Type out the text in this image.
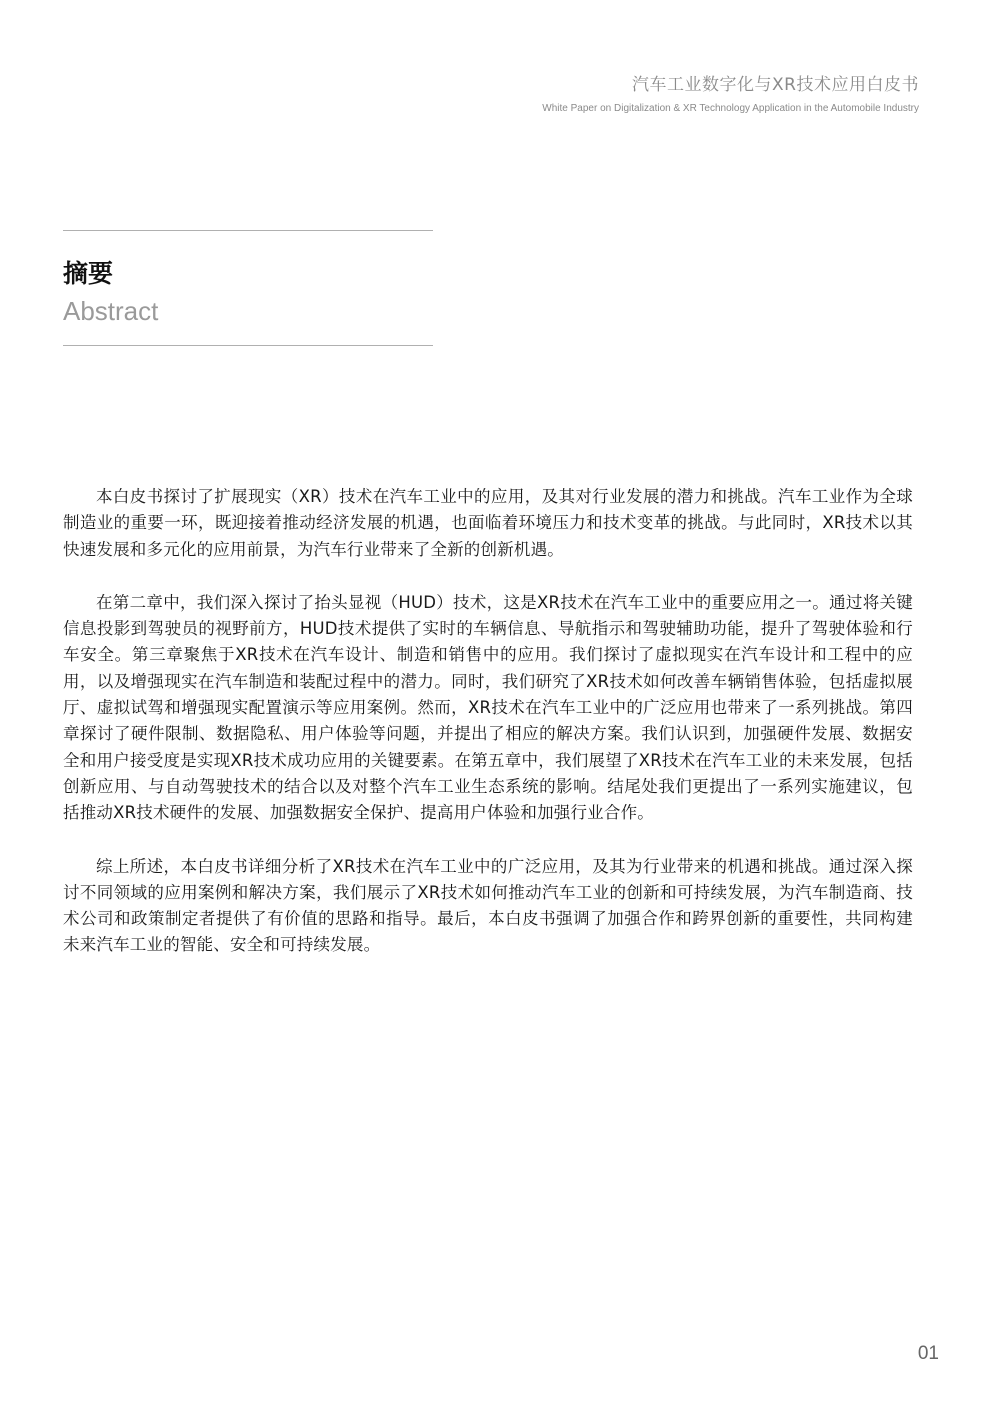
汽车工业数字化与XR技术应用白皮书
White Paper on Digitalization & XR Technology Application in the Automobile Industry
摘要
Abstract

本白皮书探讨了扩展现实（XR）技术在汽车工业中的应用，及其对行业发展的潜力和挑战。汽车工业作为全球制造业的重要一环，既迎接着推动经济发展的机遇，也面临着环境压力和技术变革的挑战。与此同时，XR技术以其快速发展和多元化的应用前景，为汽车行业带来了全新的创新机遇。

在第二章中，我们深入探讨了抬头显视（HUD）技术，这是XR技术在汽车工业中的重要应用之一。通过将关键信息投影到驾驶员的视野前方，HUD技术提供了实时的车辆信息、导航指示和驾驶辅助功能，提升了驾驶体验和行车安全。第三章聚焦于XR技术在汽车设计、制造和销售中的应用。我们探讨了虚拟现实在汽车设计和工程中的应用，以及增强现实在汽车制造和装配过程中的潜力。同时，我们研究了XR技术如何改善车辆销售体验，包括虚拟展厅、虚拟试驾和增强现实配置演示等应用案例。然而，XR技术在汽车工业中的广泛应用也带来了一系列挑战。第四章探讨了硬件限制、数据隐私、用户体验等问题，并提出了相应的解决方案。我们认识到，加强硬件发展、数据安全和用户接受度是实现XR技术成功应用的关键要素。在第五章中，我们展望了XR技术在汽车工业的未来发展，包括创新应用、与自动驾驶技术的结合以及对整个汽车工业生态系统的影响。结尾处我们更提出了一系列实施建议，包括推动XR技术硬件的发展、加强数据安全保护、提高用户体验和加强行业合作。

综上所述，本白皮书详细分析了XR技术在汽车工业中的广泛应用，及其为行业带来的机遇和挑战。通过深入探讨不同领域的应用案例和解决方案，我们展示了XR技术如何推动汽车工业的创新和可持续发展，为汽车制造商、技术公司和政策制定者提供了有价值的思路和指导。最后，本白皮书强调了加强合作和跨界创新的重要性，共同构建未来汽车工业的智能、安全和可持续发展。

01
